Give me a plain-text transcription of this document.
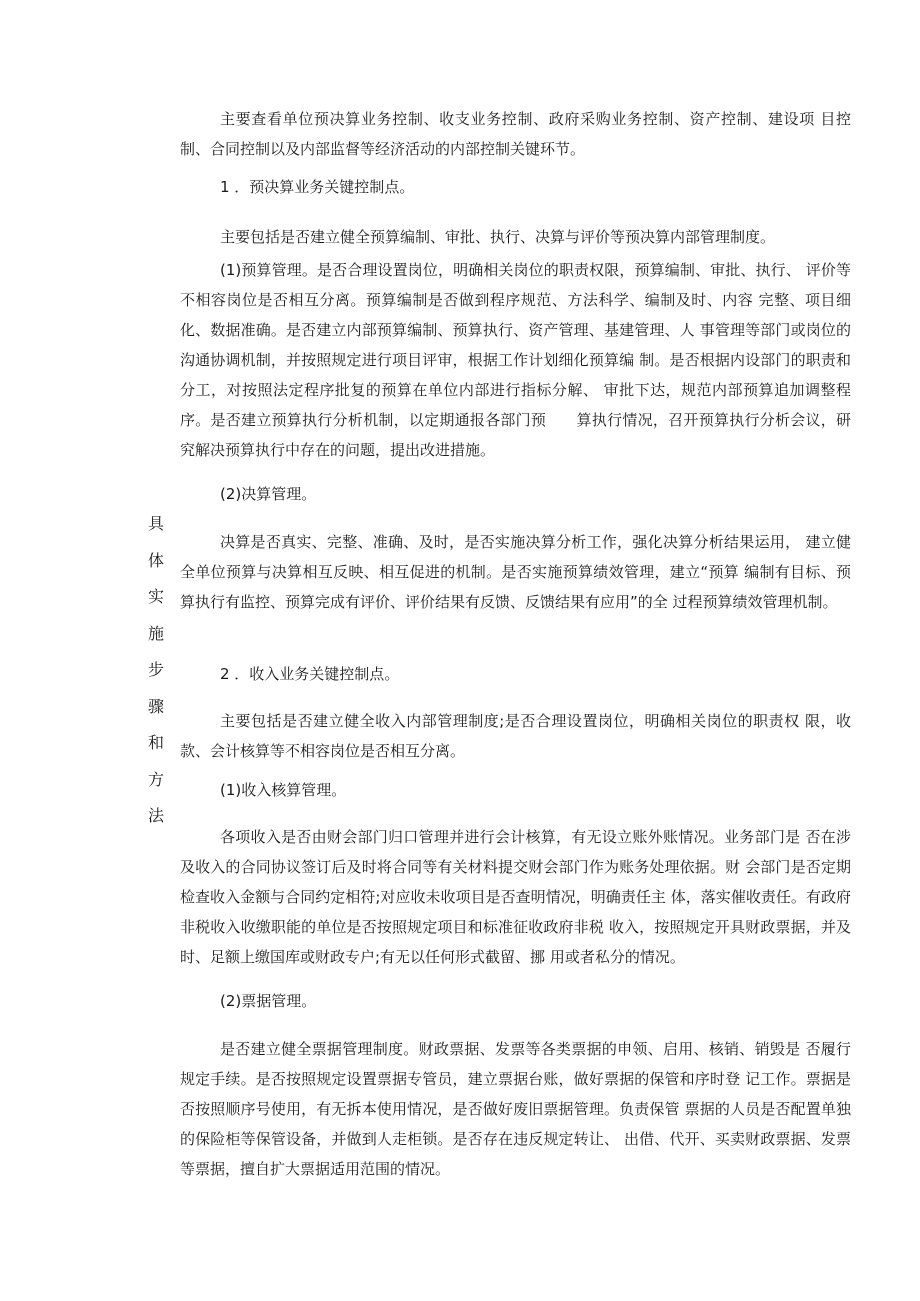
具
体
实
施
步
骤
和
方
法

主要查看单位预决算业务控制、收支业务控制、政府采购业务控制、资产控制、建设项 目控制、合同控制以及内部监督等经济活动的内部控制关键环节。

1 ．预决算业务关键控制点。

主要包括是否建立健全预算编制、审批、执行、决算与评价等预决算内部管理制度。

(1)预算管理。是否合理设置岗位，明确相关岗位的职责权限，预算编制、审批、执行、 评价等不相容岗位是否相互分离。预算编制是否做到程序规范、方法科学、编制及时、内容 完整、项目细化、数据准确。是否建立内部预算编制、预算执行、资产管理、基建管理、人 事管理等部门或岗位的沟通协调机制，并按照规定进行项目评审，根据工作计划细化预算编 制。是否根据内设部门的职责和分工，对按照法定程序批复的预算在单位内部进行指标分解、 审批下达，规范内部预算追加调整程序。是否建立预算执行分析机制，以定期通报各部门预　　算执行情况，召开预算执行分析会议，研究解决预算执行中存在的问题，提出改进措施。

(2)决算管理。

决算是否真实、完整、准确、及时，是否实施决算分析工作，强化决算分析结果运用， 建立健全单位预算与决算相互反映、相互促进的机制。是否实施预算绩效管理，建立“预算 编制有目标、预算执行有监控、预算完成有评价、评价结果有反馈、反馈结果有应用”的全 过程预算绩效管理机制。

2 ．收入业务关键控制点。

主要包括是否建立健全收入内部管理制度;是否合理设置岗位，明确相关岗位的职责权 限，收款、会计核算等不相容岗位是否相互分离。

(1)收入核算管理。

各项收入是否由财会部门归口管理并进行会计核算，有无设立账外账情况。业务部门是 否在涉及收入的合同协议签订后及时将合同等有关材料提交财会部门作为账务处理依据。财 会部门是否定期检查收入金额与合同约定相符;对应收未收项目是否查明情况，明确责任主 体，落实催收责任。有政府非税收入收缴职能的单位是否按照规定项目和标准征收政府非税 收入，按照规定开具财政票据，并及时、足额上缴国库或财政专户;有无以任何形式截留、挪 用或者私分的情况。

(2)票据管理。

是否建立健全票据管理制度。财政票据、发票等各类票据的申领、启用、核销、销毁是 否履行规定手续。是否按照规定设置票据专管员，建立票据台账，做好票据的保管和序时登 记工作。票据是否按照顺序号使用，有无拆本使用情况，是否做好废旧票据管理。负责保管 票据的人员是否配置单独的保险柜等保管设备，并做到人走柜锁。是否存在违反规定转让、 出借、代开、买卖财政票据、发票等票据，擅自扩大票据适用范围的情况。
